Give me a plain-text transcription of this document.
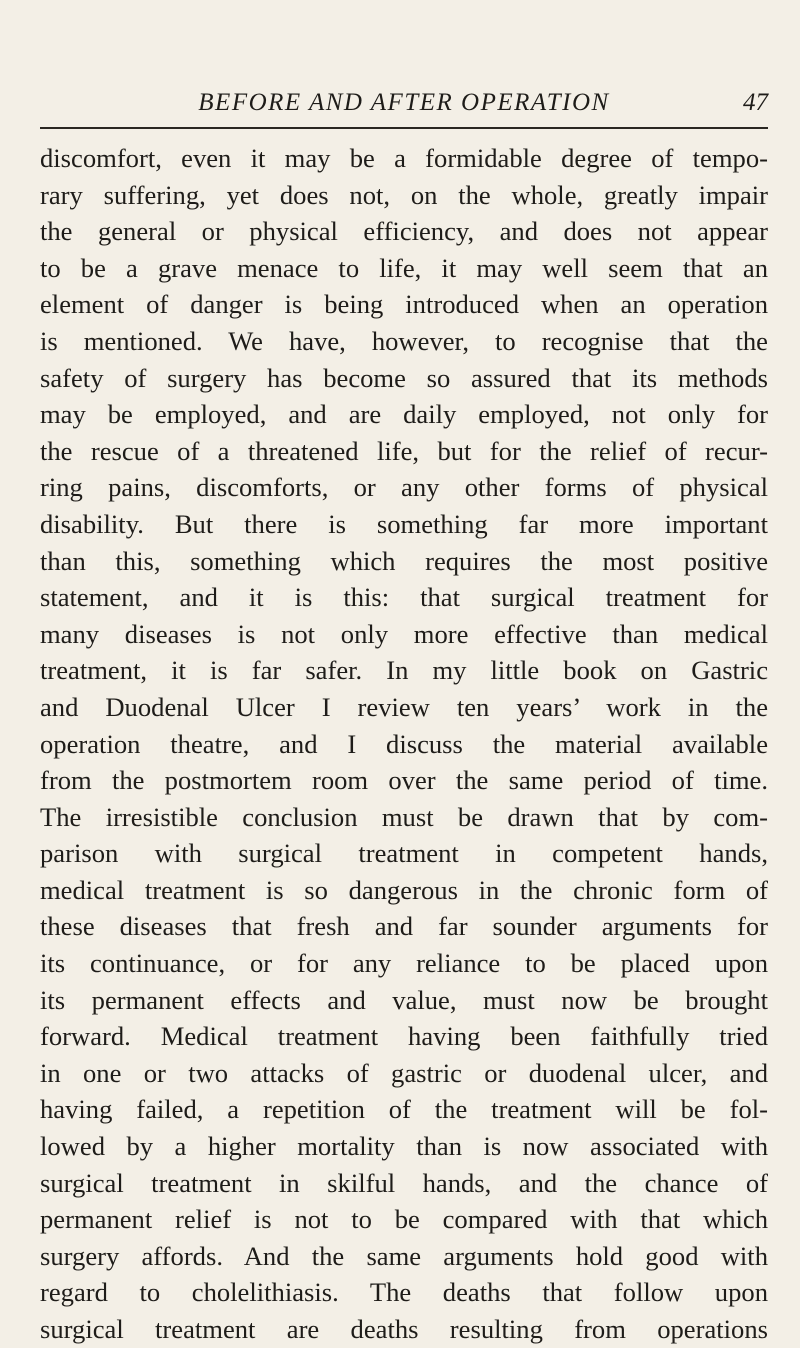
BEFORE AND AFTER OPERATION	47
discomfort, even it may be a formidable degree of tempo-
rary suffering, yet does not, on the whole, greatly impair
the general or physical efficiency, and does not appear
to be a grave menace to life, it may well seem that an
element of danger is being introduced when an operation
is mentioned. We have, however, to recognise that the
safety of surgery has become so assured that its methods
may be employed, and are daily employed, not only for
the rescue of a threatened life, but for the relief of recur-
ring pains, discomforts, or any other forms of physical
disability. But there is something far more important
than this, something which requires the most positive
statement, and it is this: that surgical treatment for
many diseases is not only more effective than medical
treatment, it is far safer. In my little book on Gastric
and Duodenal Ulcer I review ten years’ work in the
operation theatre, and I discuss the material available
from the postmortem room over the same period of time.
The irresistible conclusion must be drawn that by com-
parison with surgical treatment in competent hands,
medical treatment is so dangerous in the chronic form of
these diseases that fresh and far sounder arguments for
its continuance, or for any reliance to be placed upon
its permanent effects and value, must now be brought
forward. Medical treatment having been faithfully tried
in one or two attacks of gastric or duodenal ulcer, and
having failed, a repetition of the treatment will be fol-
lowed by a higher mortality than is now associated with
surgical treatment in skilful hands, and the chance of
permanent relief is not to be compared with that which
surgery affords. And the same arguments hold good with
regard to cholelithiasis. The deaths that follow upon
surgical treatment are deaths resulting from operations
